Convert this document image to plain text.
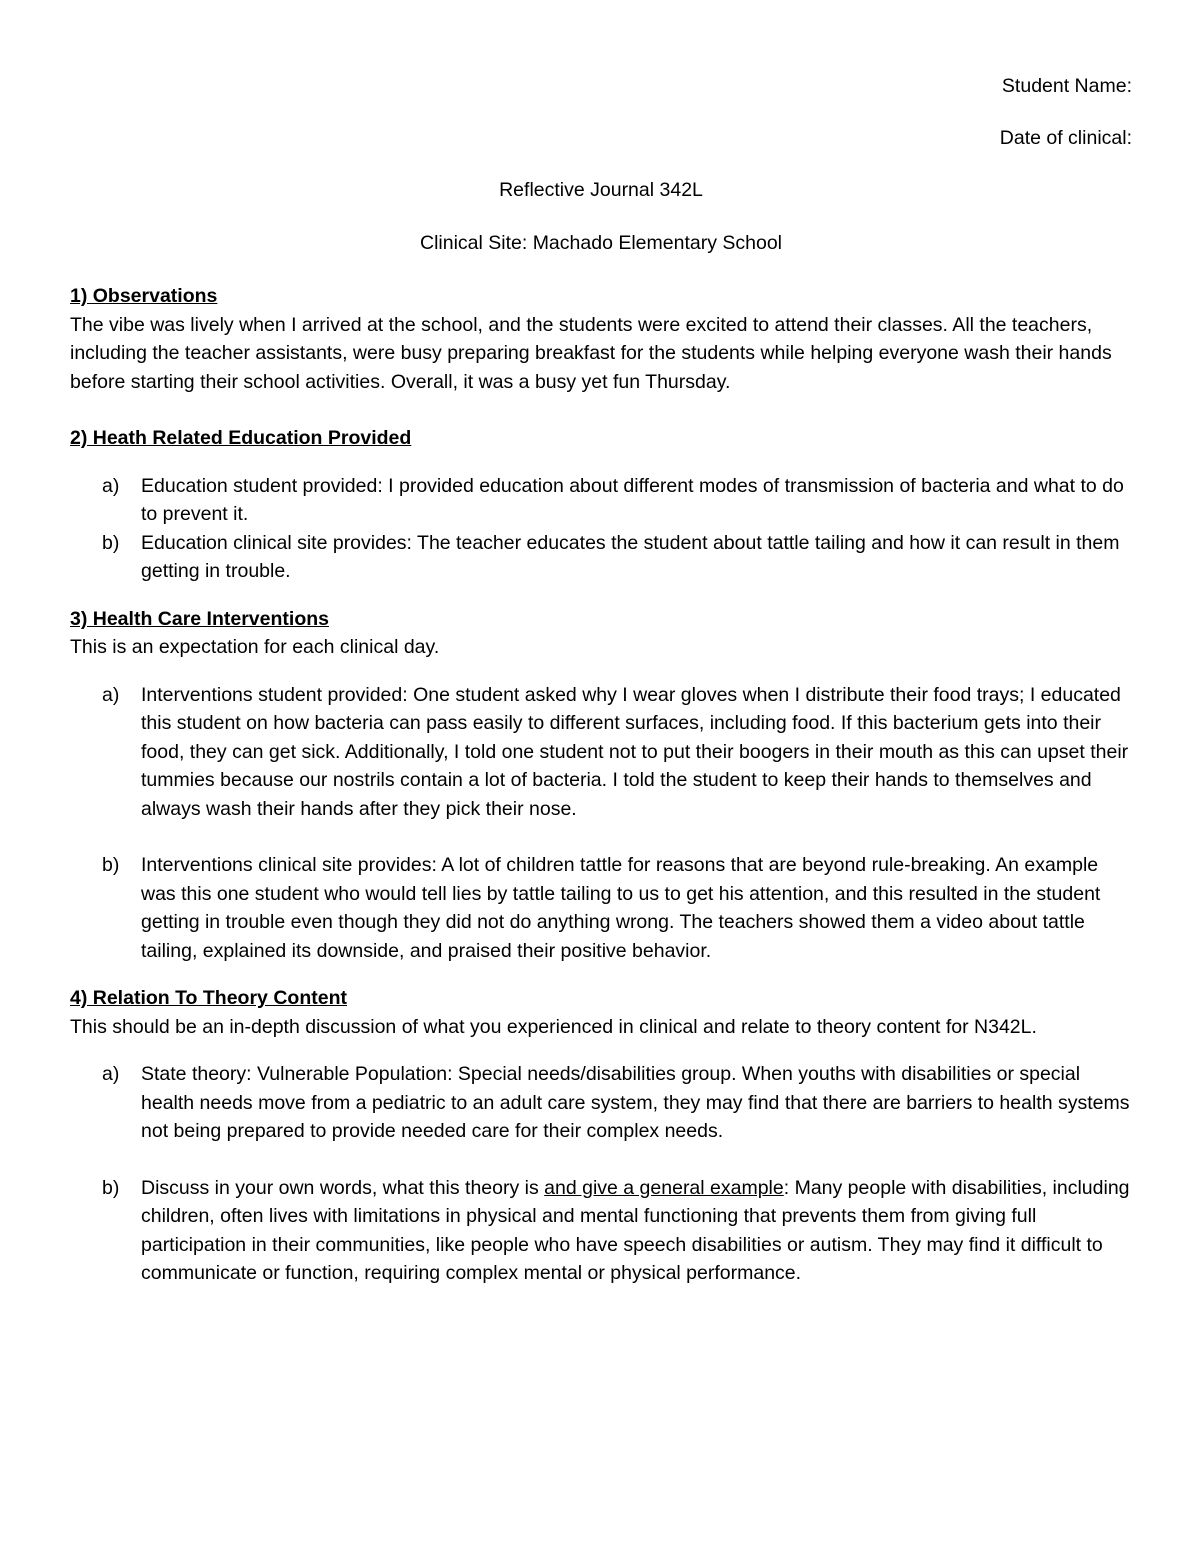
Student Name:

Date of clinical:

Reflective Journal 342L

Clinical Site: Machado Elementary School

1) Observations

The vibe was lively when I arrived at the school, and the students were excited to attend their classes. All the teachers, including the teacher assistants, were busy preparing breakfast for the students while helping everyone wash their hands before starting their school activities. Overall, it was a busy yet fun Thursday.

2) Heath Related Education Provided

a) Education student provided: I provided education about different modes of transmission of bacteria and what to do to prevent it.
b) Education clinical site provides: The teacher educates the student about tattle tailing and how it can result in them getting in trouble.

3) Health Care Interventions

This is an expectation for each clinical day.

a) Interventions student provided: One student asked why I wear gloves when I distribute their food trays; I educated this student on how bacteria can pass easily to different surfaces, including food. If this bacterium gets into their food, they can get sick. Additionally, I told one student not to put their boogers in their mouth as this can upset their tummies because our nostrils contain a lot of bacteria. I told the student to keep their hands to themselves and always wash their hands after they pick their nose.
b) Interventions clinical site provides: A lot of children tattle for reasons that are beyond rule-breaking. An example was this one student who would tell lies by tattle tailing to us to get his attention, and this resulted in the student getting in trouble even though they did not do anything wrong. The teachers showed them a video about tattle tailing, explained its downside, and praised their positive behavior.

4) Relation To Theory Content

This should be an in-depth discussion of what you experienced in clinical and relate to theory content for N342L.

a) State theory: Vulnerable Population: Special needs/disabilities group. When youths with disabilities or special health needs move from a pediatric to an adult care system, they may find that there are barriers to health systems not being prepared to provide needed care for their complex needs.
b) Discuss in your own words, what this theory is and give a general example: Many people with disabilities, including children, often lives with limitations in physical and mental functioning that prevents them from giving full participation in their communities, like people who have speech disabilities or autism. They may find it difficult to communicate or function, requiring complex mental or physical performance.
